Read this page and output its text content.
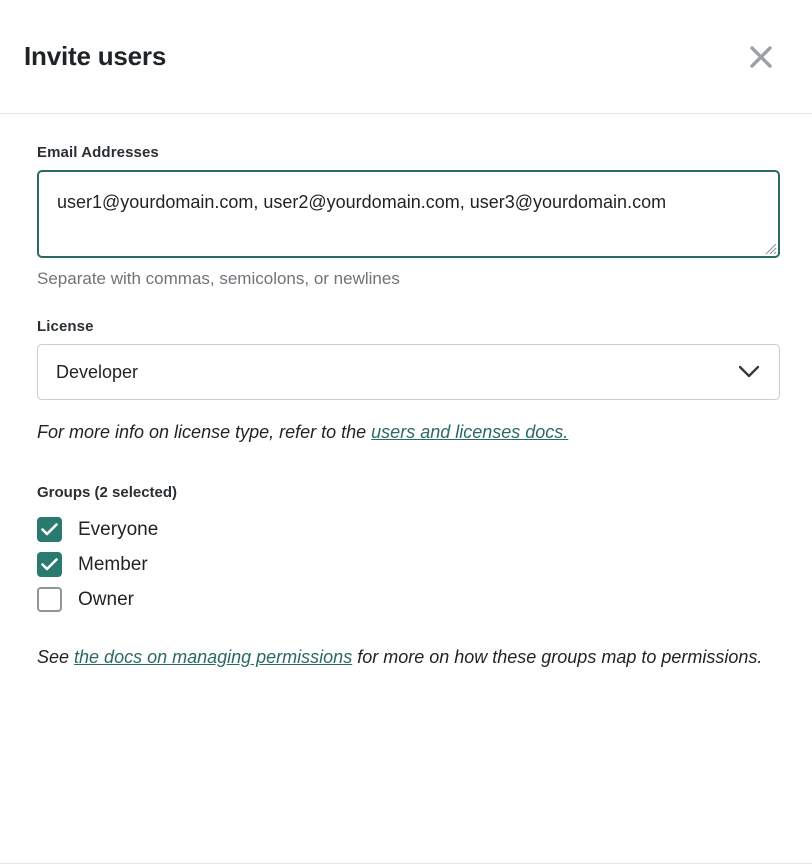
Invite users
Email Addresses
user1@yourdomain.com, user2@yourdomain.com, user3@yourdomain.com
Separate with commas, semicolons, or newlines
License
Developer
For more info on license type, refer to the users and licenses docs.
Groups (2 selected)
Everyone
Member
Owner
See the docs on managing permissions for more on how these groups map to permissions.
